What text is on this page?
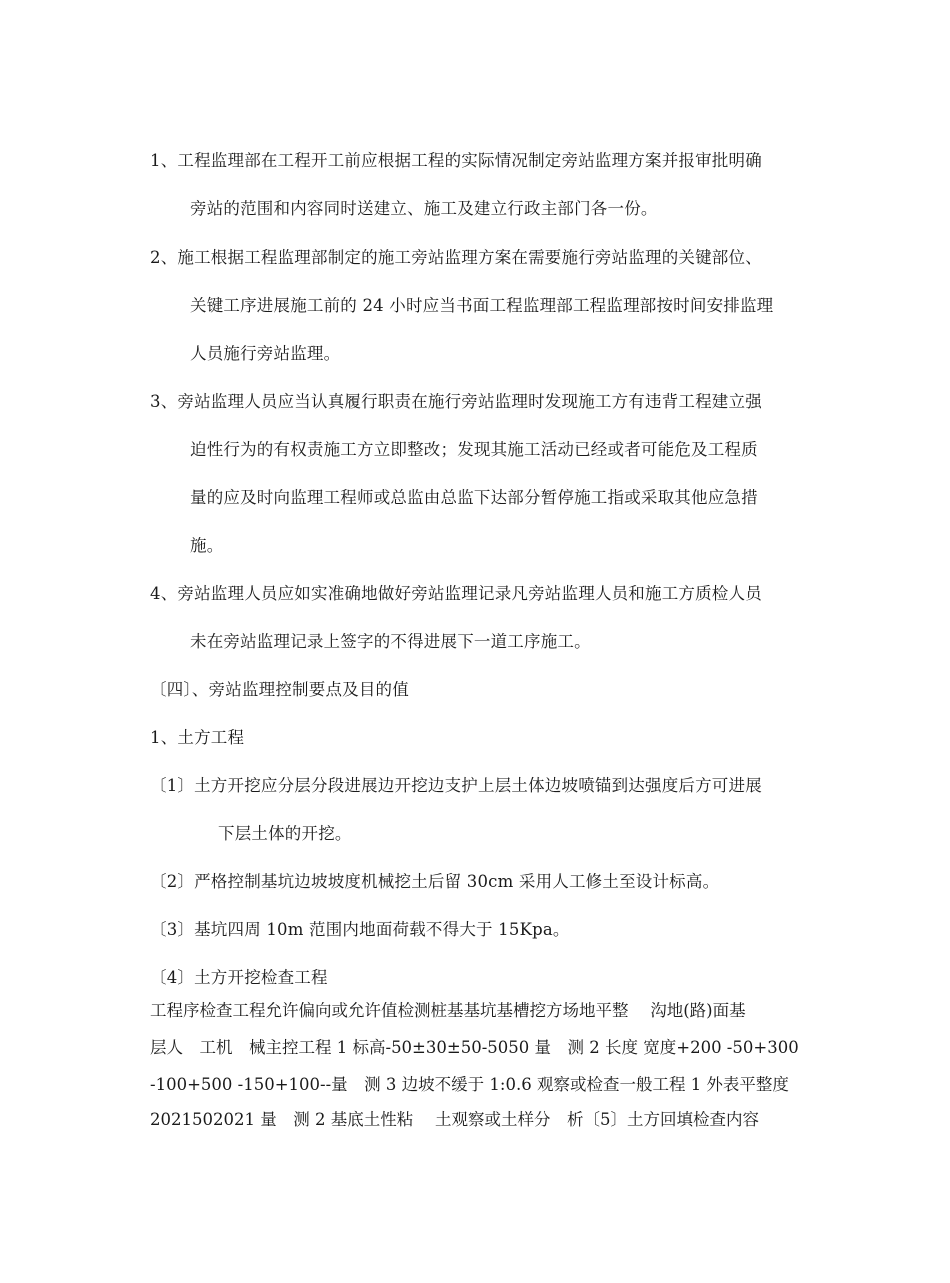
1、工程监理部在工程开工前应根据工程的实际情况制定旁站监理方案并报审批明确
旁站的范围和内容同时送建立、施工及建立行政主部门各一份。
2、施工根据工程监理部制定的施工旁站监理方案在需要施行旁站监理的关键部位、
关键工序进展施工前的 24 小时应当书面工程监理部工程监理部按时间安排监理
人员施行旁站监理。
3、旁站监理人员应当认真履行职责在施行旁站监理时发现施工方有违背工程建立强
迫性行为的有权责施工方立即整改；发现其施工活动已经或者可能危及工程质
量的应及时向监理工程师或总监由总监下达部分暂停施工指或采取其他应急措
施。
4、旁站监理人员应如实准确地做好旁站监理记录凡旁站监理人员和施工方质检人员
未在旁站监理记录上签字的不得进展下一道工序施工。
〔四〕、旁站监理控制要点及目的值
1、土方工程
〔1〕土方开挖应分层分段进展边开挖边支护上层土体边坡喷锚到达强度后方可进展
下层土体的开挖。
〔2〕严格控制基坑边坡坡度机械挖土后留 30cm 采用人工修土至设计标高。
〔3〕基坑四周 10m 范围内地面荷载不得大于 15Kpa。
〔4〕土方开挖检查工程
工程序检查工程允许偏向或允许值检测桩基基坑基槽挖方场地平整　 沟地(路)面基
层人　工机　械主控工程 1 标高-50±30±50-5050 量　测 2 长度 宽度+200 -50+300
-100+500 -150+100--量　测 3 边坡不缓于 1:0.6 观察或检查一般工程 1 外表平整度
2021502021 量　测 2 基底土性粘　 土观察或土样分　析〔5〕土方回填检查内容
